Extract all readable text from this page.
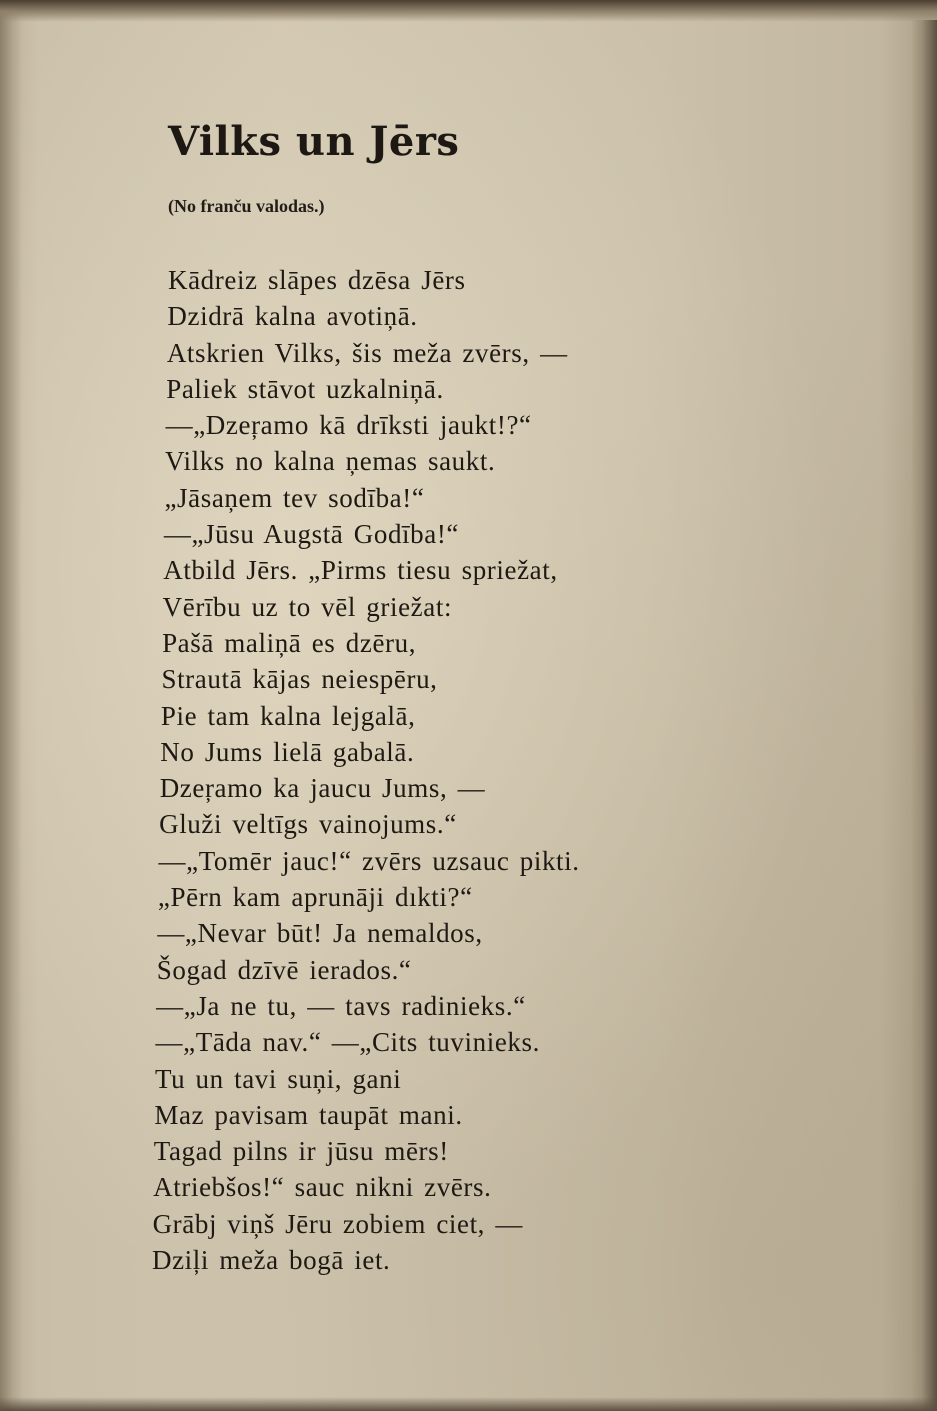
Vilks un Jērs

(No franču valodas.)

Kādreiz slāpes dzēsa Jērs
Dzidrā kalna avotiņā.
Atskrien Vilks, šis meža zvērs, —
Paliek stāvot uzkalniņā.
—„Dzeŗamo kā drīksti jaukt!?“
Vilks no kalna ņemas saukt.
„Jāsaņem tev sodība!“
—„Jūsu Augstā Godība!“
Atbild Jērs. „Pirms tiesu spriežat,
Vērību uz to vēl griežat:
Pašā maliņā es dzēru,
Strautā kājas neiespēru,
Pie tam kalna lejgalā,
No Jums lielā gabalā.
Dzeŗamo ka jaucu Jums, —
Gluži veltīgs vainojums.“
—„Tomēr jauc!“ zvērs uzsauc pikti.
„Pērn kam aprunāji dıkti?“
—„Nevar būt! Ja nemaldos,
Šogad dzīvē ierados.“
—„Ja ne tu, — tavs radinieks.“
—„Tāda nav.“ —„Cits tuvinieks.
Tu un tavi suņi, gani
Maz pavisam taupāt mani.
Tagad pilns ir jūsu mērs!
Atriebšos!“ sauc nikni zvērs.
Grābj viņš Jēru zobiem ciet, —
Dziļi meža bogā iet.
